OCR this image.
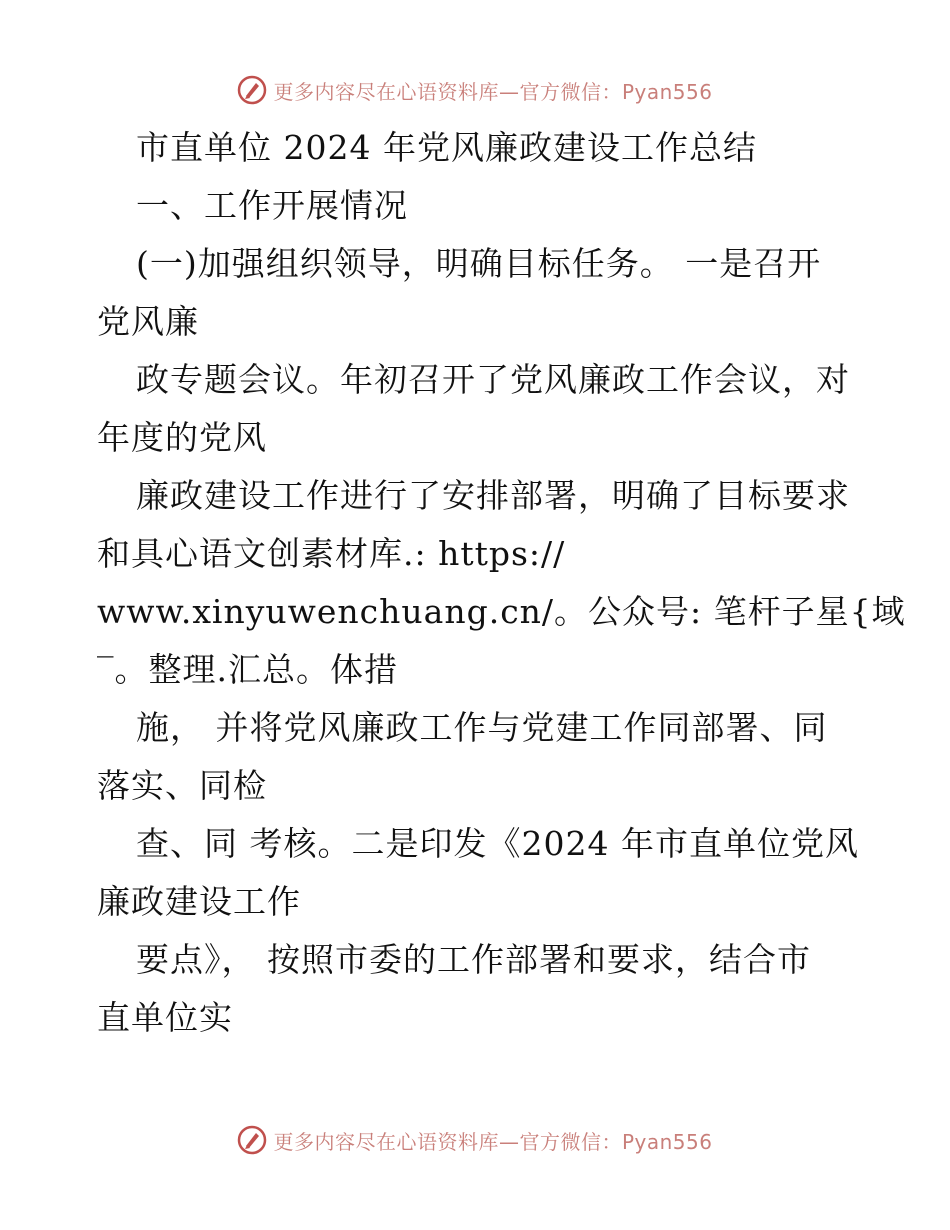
更多内容尽在心语资料库—官方微信：Pyan556
市直单位 2024 年党风廉政建设工作总结
一、工作开展情况
(一)加强组织领导，明确目标任务。 一是召开
党风廉
政专题会议。年初召开了党风廉政工作会议，对
年度的党风
廉政建设工作进行了安排部署，明确了目标要求
和具心语文创素材库.: https://
www.xinyuwenchuang.cn/。公众号: 笔杆子星{域
‾。整理.汇总。体措
施， 并将党风廉政工作与党建工作同部署、同
落实、同检
查、同 考核。二是印发《2024 年市直单位党风
廉政建设工作
要点》， 按照市委的工作部署和要求，结合市
直单位实
更多内容尽在心语资料库—官方微信：Pyan556
